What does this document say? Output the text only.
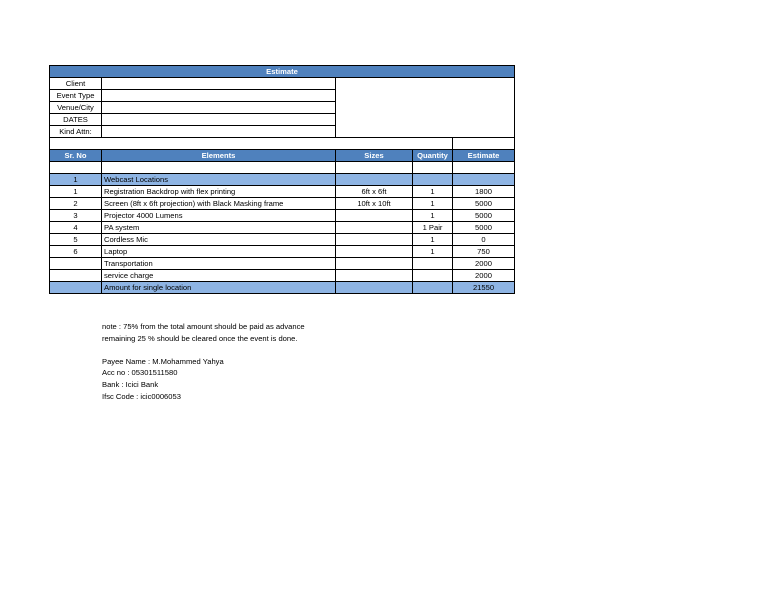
Estimate				
Client				
Event Type				
Venue/City				
DATES				
Kind Attn:				

Sr. No	Elements	Sizes	Quantity	Estimate

1	Webcast Locations			
1	Registration Backdrop with flex printing	6ft x 6ft	1	1800
2	Screen (8ft x 6ft projection) with Black Masking frame	10ft x 10ft	1	5000
3	Projector 4000 Lumens		1	5000
4	PA system		1 Pair	5000
5	Cordless Mic		1	0
6	Laptop		1	750
	Transportation			2000
	service charge			2000
	Amount for single location			21550
note : 75% from the total amount should be paid as advance
remaining 25 % should be cleared once the event is done.
Payee Name : M.Mohammed Yahya
Acc no : 05301511580
Bank : Icici Bank
Ifsc Code : icic0006053
